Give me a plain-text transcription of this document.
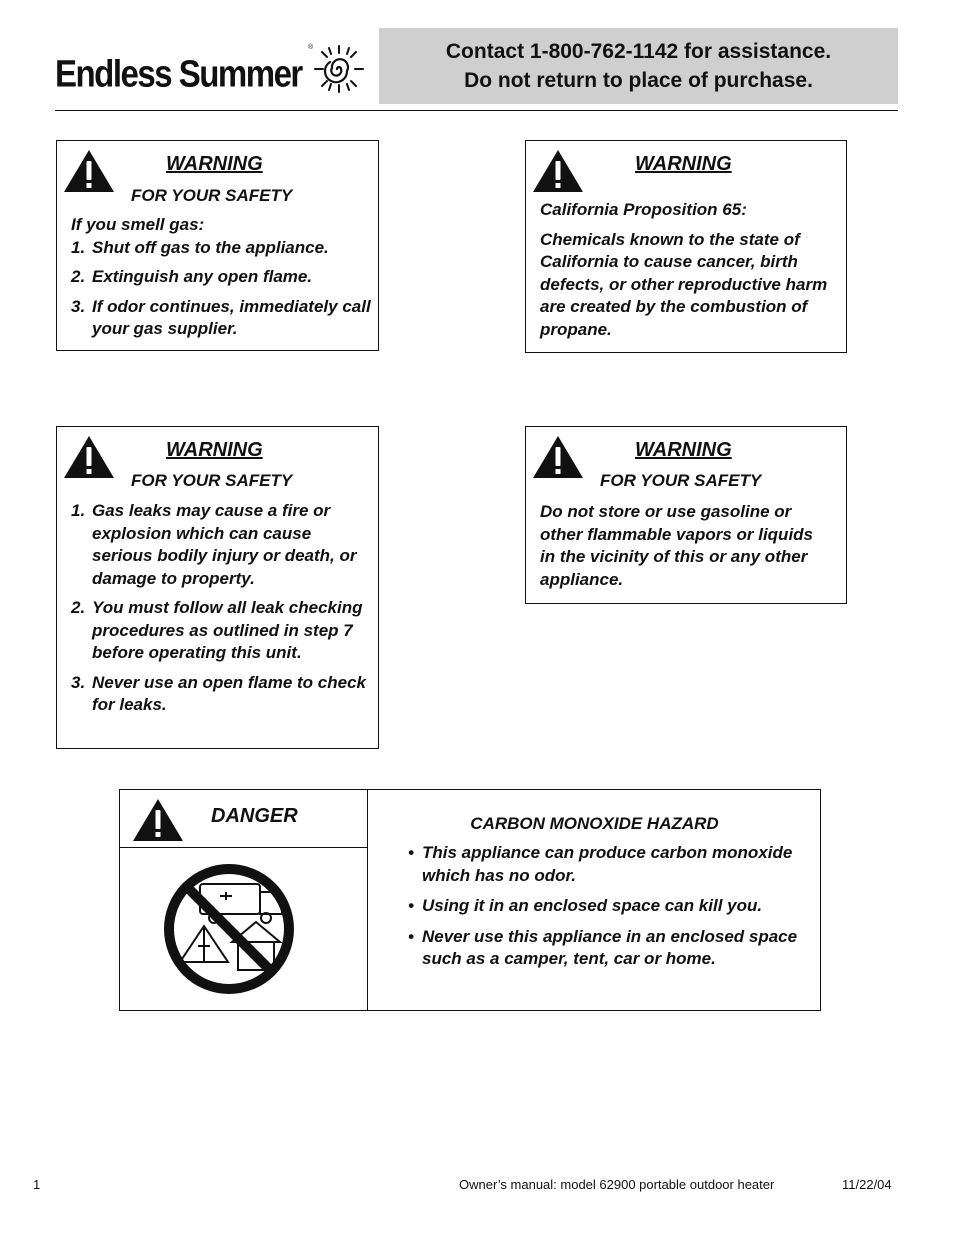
Endless Summer
®	Contact 1-800-762-1142 for assistance.
Do not return to place of purchase.
WARNING
FOR YOUR SAFETY

If you smell gas:

1. Shut off gas to the appliance.
2. Extinguish any open flame.
3. If odor continues, immediately call your gas supplier.
WARNING

California Proposition 65:

Chemicals known to the state of California to cause cancer, birth defects, or other reproductive harm are created by the combustion of propane.

WARNING
FOR YOUR SAFETY
1. Gas leaks may cause a fire or explosion which can cause serious bodily injury or death, or damage to property.
2. You must follow all leak checking procedures as outlined in step 7 before operating this unit.
3. Never use an open flame to check for leaks.
WARNING
FOR YOUR SAFETY

Do not store or use gasoline or other flammable vapors or liquids in the vicinity of this or any other appliance.

DANGER	CARBON MONOXIDE HAZARD
• This appliance can produce carbon monoxide which has no odor.
• Using it in an enclosed space can kill you.
• Never use this appliance in an enclosed space such as a camper, tent, car or home.
1	Owner’s manual: model 62900 portable outdoor heater	11/22/04
